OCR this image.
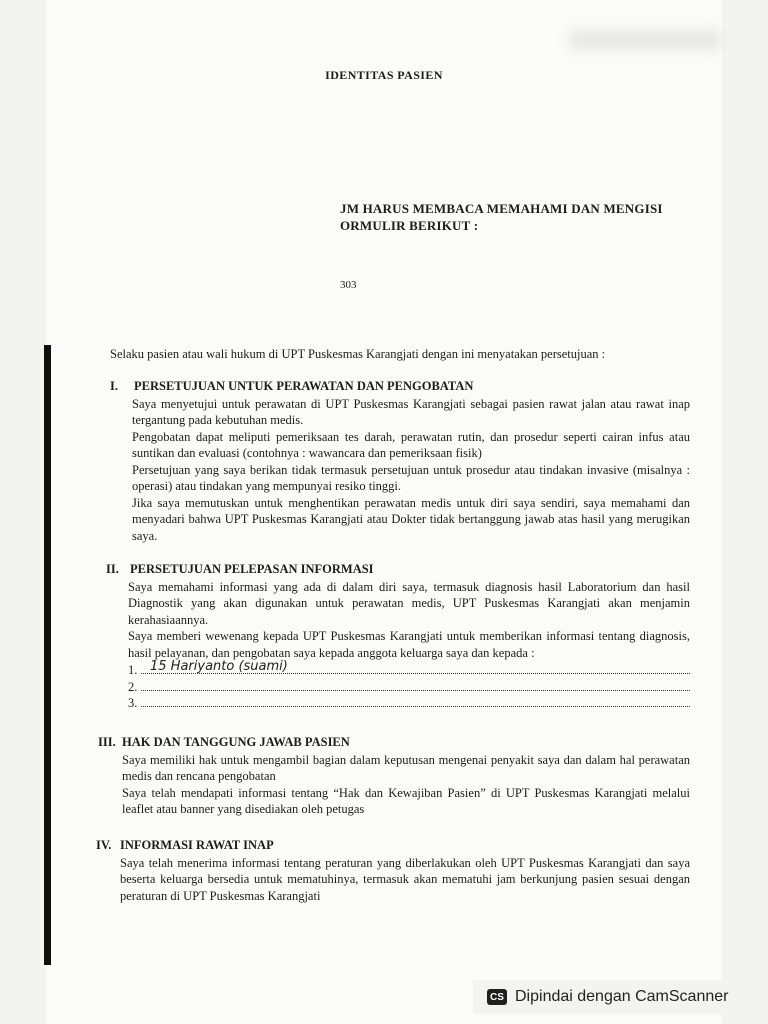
IDENTITAS PASIEN
JM HARUS MEMBACA MEMAHAMI DAN MENGISI
ORMULIR BERIKUT :
303
Selaku pasien atau wali hukum di UPT Puskesmas Karangjati dengan ini menyatakan persetujuan :
I. PERSETUJUAN UNTUK PERAWATAN DAN PENGOBATAN

Saya menyetujui untuk perawatan di UPT Puskesmas Karangjati sebagai pasien rawat jalan atau rawat inap tergantung pada kebutuhan medis.

Pengobatan dapat meliputi pemeriksaan tes darah, perawatan rutin, dan prosedur seperti cairan infus atau suntikan dan evaluasi (contohnya : wawancara dan pemeriksaan fisik)

Persetujuan yang saya berikan tidak termasuk persetujuan untuk prosedur atau tindakan invasive (misalnya : operasi) atau tindakan yang mempunyai resiko tinggi.

Jika saya memutuskan untuk menghentikan perawatan medis untuk diri saya sendiri, saya memahami dan menyadari bahwa UPT Puskesmas Karangjati atau Dokter tidak bertanggung jawab atas hasil yang merugikan saya.

II. PERSETUJUAN PELEPASAN INFORMASI

Saya memahami informasi yang ada di dalam diri saya, termasuk diagnosis hasil Laboratorium dan hasil Diagnostik yang akan digunakan untuk perawatan medis, UPT Puskesmas Karangjati akan menjamin kerahasiaannya.

Saya memberi wewenang kepada UPT Puskesmas Karangjati untuk memberikan informasi tentang diagnosis, hasil pelayanan, dan pengobatan saya kepada anggota keluarga saya dan kepada :

1. 15 Hariyanto (suami)
2.
3.
III. HAK DAN TANGGUNG JAWAB PASIEN

Saya memiliki hak untuk mengambil bagian dalam keputusan mengenai penyakit saya dan dalam hal perawatan medis dan rencana pengobatan

Saya telah mendapati informasi tentang “Hak dan Kewajiban Pasien” di UPT Puskesmas Karangjati melalui leaflet atau banner yang disediakan oleh petugas

IV. INFORMASI RAWAT INAP

Saya telah menerima informasi tentang peraturan yang diberlakukan oleh UPT Puskesmas Karangjati dan saya beserta keluarga bersedia untuk mematuhinya, termasuk akan mematuhi jam berkunjung pasien sesuai dengan peraturan di UPT Puskesmas Karangjati

CS Dipindai dengan CamScanner
